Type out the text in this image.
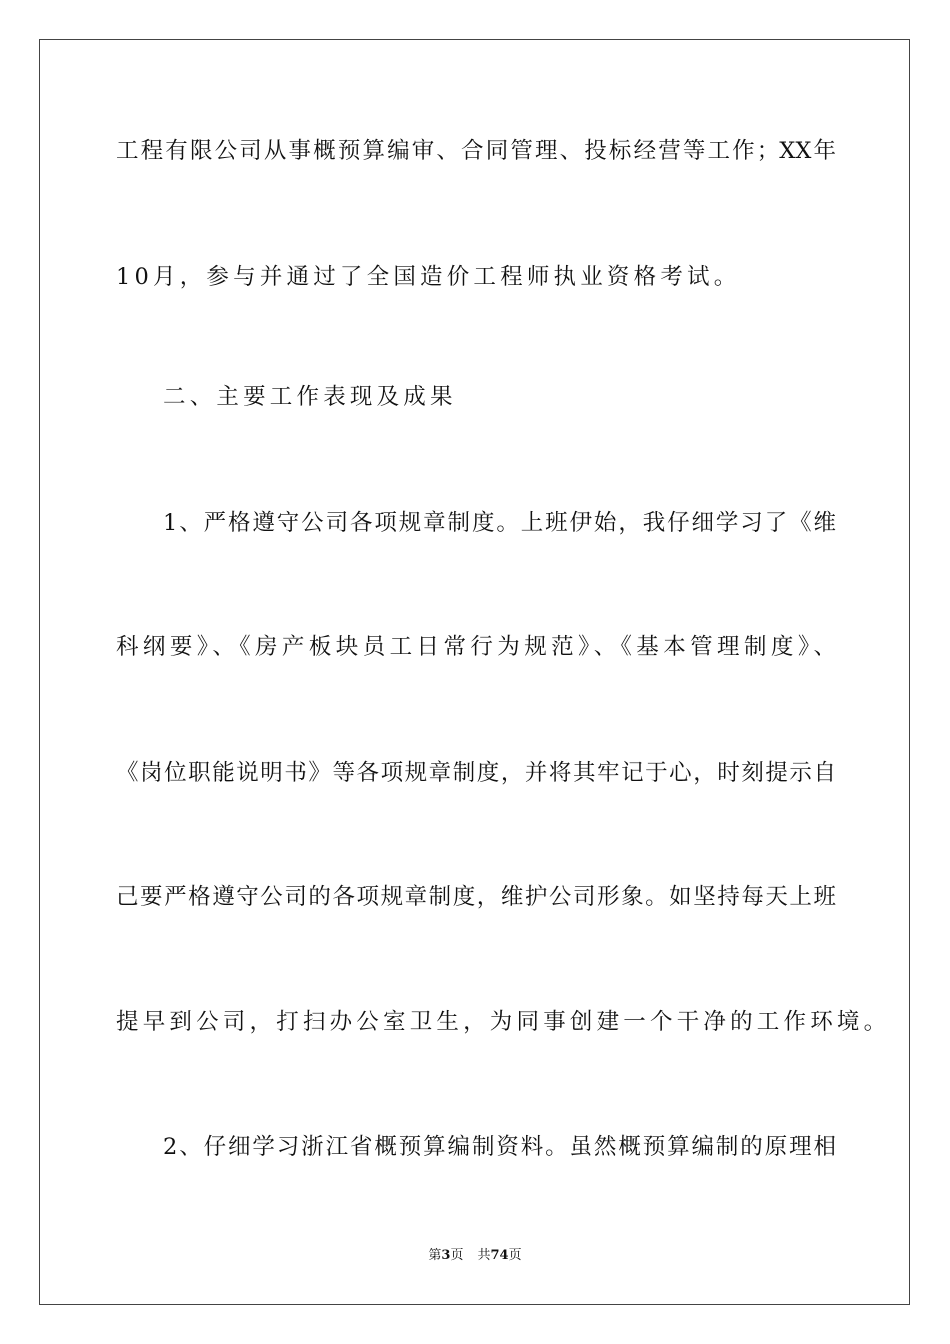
工程有限公司从事概预算编审、合同管理、投标经营等工作；XX年
10月，参与并通过了全国造价工程师执业资格考试。
二、主要工作表现及成果
1、严格遵守公司各项规章制度。上班伊始，我仔细学习了《维
科纲要》、《房产板块员工日常行为规范》、《基本管理制度》、
《岗位职能说明书》等各项规章制度，并将其牢记于心，时刻提示自
己要严格遵守公司的各项规章制度，维护公司形象。如坚持每天上班
提早到公司，打扫办公室卫生，为同事创建一个干净的工作环境。
2、仔细学习浙江省概预算编制资料。虽然概预算编制的原理相
第3页 共74页
